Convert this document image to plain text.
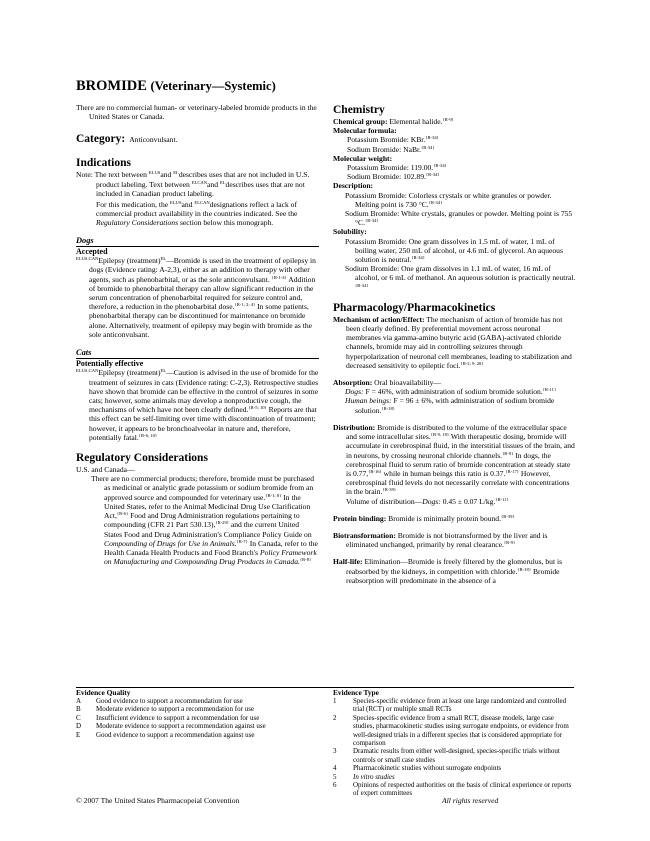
BROMIDE (Veterinary—Systemic)

There are no commercial human- or veterinary-labeled bromide products in the United States or Canada.

Category: Anticonvulsant.
Indications

Note: The text between $^{ELUS}$and $^{EL}$describes uses that are not included in U.S. product labeling. Text between $^{ELCAN}$and $^{EL}$describes uses that are not included in Canadian product labeling.

For this medication, the $^{ELUS}$and $^{ELCAN}$designations reflect a lack of commercial product availability in the countries indicated. See the Regulatory Considerations section below this monograph.

Dogs
Accepted

$^{ELUS,CAN}$Epilepsy (treatment)$^{EL}$—Bromide is used in the treatment of epilepsy in dogs (Evidence rating: A-2,3), either as an addition to therapy with other agents, such as phenobarbital, or as the sole anticonvulsant. $^{\{R-1-4\}}$ Addition of bromide to phenobarbital therapy can allow significant reduction in the serum concentration of phenobarbital required for seizure control and, therefore, a reduction in the phenobarbital dose.$^{\{R-1; 2; 4\}}$ In some patients, phenobarbital therapy can be discontinued for maintenance on bromide alone. Alternatively, treatment of epilepsy may begin with bromide as the sole anticonvulsant.

Cats
Potentially effective

$^{ELUS,CAN}$Epilepsy (treatment)$^{EL}$—Caution is advised in the use of bromide for the treatment of seizures in cats (Evidence rating: C-2,3). Retrospective studies have shown that bromide can be effective in the control of seizures in some cats; however, some animals may develop a nonproductive cough, the mechanisms of which have not been clearly defined.$^{\{R-5; 10\}}$ Reports are that this effect can be self-limiting over time with discontinuation of treatment; however, it appears to be bronchoalveolar in nature and, therefore, potentially fatal.$^{\{R-6; 10\}}$

Regulatory Considerations
U.S. and Canada—

There are no commercial products; therefore, bromide must be purchased as medicinal or analytic grade potassium or sodium bromide from an approved source and compounded for veterinary use.$^{\{R-1; 8\}}$ In the United States, refer to the Animal Medicinal Drug Use Clarification Act,$^{\{R-6\}}$ Food and Drug Administration regulations pertaining to compounding (CFR 21 Part 530.13),$^{\{R-29\}}$ and the current United States Food and Drug Administration's Compliance Policy Guide on Compounding of Drugs for Use in Animals.$^{\{R-7\}}$ In Canada, refer to the Health Canada Health Products and Food Branch's Policy Framework on Manufacturing and Compounding Drug Products in Canada.$^{\{R-8\}}$

Chemistry
Chemical group: Elemental halide.$^{\{R-9\}}$
Molecular formula:
Potassium Bromide: KBr.$^{\{R-34\}}$
Sodium Bromide: NaBr.$^{\{R-34\}}$
Molecular weight:
Potassium Bromide: 119.00.$^{\{R-34\}}$
Sodium Bromide: 102.89.$^{\{R-34\}}$
Description:

Potassium Bromide: Colorless crystals or white granules or powder. Melting point is 730 °C.$^{\{R-34\}}$

Sodium Bromide: White crystals, granules or powder. Melting point is 755 °C.$^{\{R-34\}}$

Solubility:

Potassium Bromide: One gram dissolves in 1.5 mL of water, 1 mL of boiling water, 250 mL of alcohol, or 4.6 mL of glycerol. An aqueous solution is neutral.$^{\{R-34\}}$

Sodium Bromide: One gram dissolves in 1.1 mL of water, 16 mL of alcohol, or 6 mL of methanol. An aqueous solution is practically neutral.$^{\{R-34\}}$

Pharmacology/Pharmacokinetics

Mechanism of action/Effect: The mechanism of action of bromide has not been clearly defined. By preferential movement across neuronal membranes via gamma-amino butyric acid (GABA)-activated chloride channels, bromide may aid in controlling seizures through hyperpolarization of neuronal cell membranes, leading to stabilization and decreased sensitivity to epileptic foci.$^{\{R-2; 9; 28\}}$

Absorption: Oral bioavailability—

Dogs: F = 46%, with administration of sodium bromide solution.$^{\{R-11\}}$

Human beings: F = 96 ± 6%, with administration of sodium bromide solution.$^{\{R-18\}}$

Distribution: Bromide is distributed to the volume of the extracellular space and some intracellular sites.$^{\{R-9; 18\}}$ With therapeutic dosing, bromide will accumulate in cerebrospinal fluid, in the interstitial tissues of the brain, and in neurons, by crossing neuronal chloride channels.$^{\{R-9\}}$ In dogs, the cerebrospinal fluid to serum ratio of bromide concentration at steady state is 0.77,$^{\{R-16\}}$ while in human beings this ratio is 0.37.$^{\{R-17\}}$ However, cerebrospinal fluid levels do not necessarily correlate with concentrations in the brain.$^{\{R-39\}}$

Volume of distribution—Dogs: 0.45 ± 0.07 L/kg.$^{\{R-11\}}$

Protein binding: Bromide is minimally protein bound.$^{\{R-39\}}$

Biotransformation: Bromide is not biotransformed by the liver and is eliminated unchanged, primarily by renal clearance.$^{\{R-9\}}$

Half-life: Elimination—Bromide is freely filtered by the glomerulus, but is reabsorbed by the kidneys, in competition with chloride.$^{\{R-18\}}$ Bromide reabsorption will predominate in the absence of a

Evidence Quality
A	Good evidence to support a recommendation for use
B	Moderate evidence to support a recommendation for use
C	Insufficient evidence to support a recommendation for use
D	Moderate evidence to support a recommendation against use
E	Good evidence to support a recommendation against use
Evidence Type
1	Species-specific evidence from at least one large randomized and controlled trial (RCT) or multiple small RCTs
2	Species-specific evidence from a small RCT, disease models, large case studies, pharmacokinetic studies using surrogate endpoints, or evidence from well-designed trials in a different species that is considered appropriate for comparison
3	Dramatic results from either well-designed, species-specific trials without controls or small case studies
4	Pharmacokinetic studies without surrogate endpoints
5	In vitro studies
6	Opinions of respected authorities on the basis of clinical experience or reports of expert committees
© 2007 The United States Pharmacopeial Convention	All rights reserved
